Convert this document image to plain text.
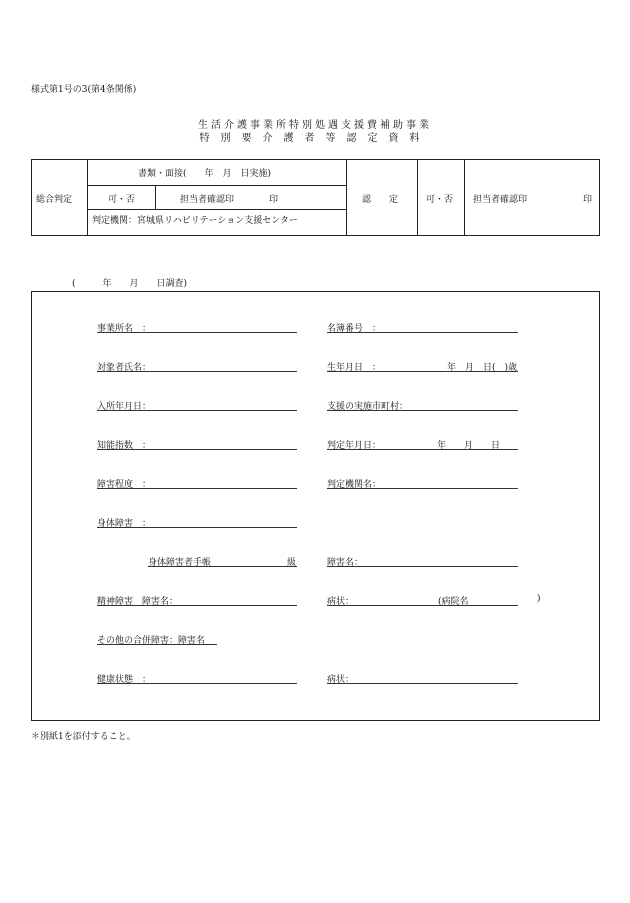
様式第1号の3(第4条関係)
生活介護事業所特別処遇支援費補助事業
特別要介護者等認定資料
総合判定
書類・面接(　　年　月　日実施)
可・否	担当者確認印	印
判定機関：宮城県リハビリテーション支援センター
認　　定	可・否 担当者確認印	印
(　　　年　　月　　日調査)
事業所名　：	名簿番号　：
対象者氏名：	生年月日　：	年　月　日(　)歳
入所年月日：	支援の実施市町村：
知能指数　：	判定年月日：	年　　月　　日
障害程度　：	判定機関名：
身体障害　：
身体障害者手帳	級	障害名：
精神障害　障害名：	病状：	(病院名	)
その他の合併障害：障害名
健康状態　：	病状：
＊別紙1を添付すること。
